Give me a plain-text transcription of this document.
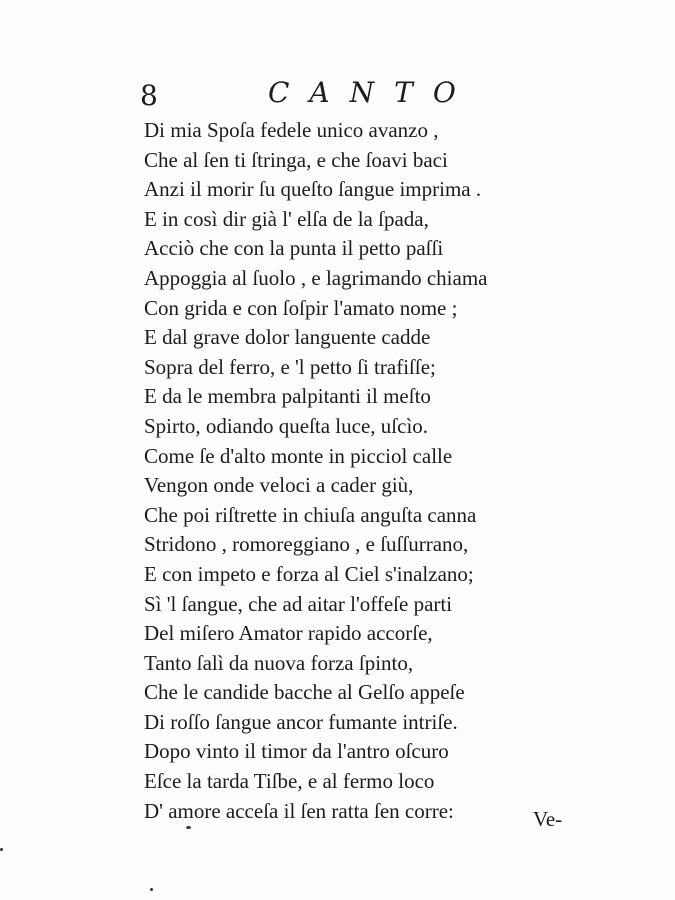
8	CANTO
Di mia Spoſa fedele unico avanzo ,
Che al ſen ti ſtringa, e che ſoavi baci
Anzi il morir ſu queſto ſangue imprima .
E in così dir già l' elſa de la ſpada,
Acciò che con la punta il petto paſſi
Appoggia al ſuolo , e lagrimando chiama
Con grida e con ſoſpir l'amato nome ;
E dal grave dolor languente cadde
Sopra del ferro, e 'l petto ſi trafiſſe;
E da le membra palpitanti il meſto
Spirto, odiando queſta luce, uſcìo.
Come ſe d'alto monte in picciol calle
Vengon onde veloci a cader giù,
Che poi riſtrette in chiuſa anguſta canna
Stridono , romoreggiano , e ſuſſurrano,
E con impeto e forza al Ciel s'inalzano;
Sì 'l ſangue, che ad aitar l'offeſe parti
Del miſero Amator rapido accorſe,
Tanto ſalì da nuova forza ſpinto,
Che le candide bacche al Gelſo appeſe
Di roſſo ſangue ancor fumante intriſe.
Dopo vinto il timor da l'antro oſcuro
Eſce la tarda Tiſbe, e al fermo loco
D' amore acceſa il ſen ratta ſen corre:	Ve-
